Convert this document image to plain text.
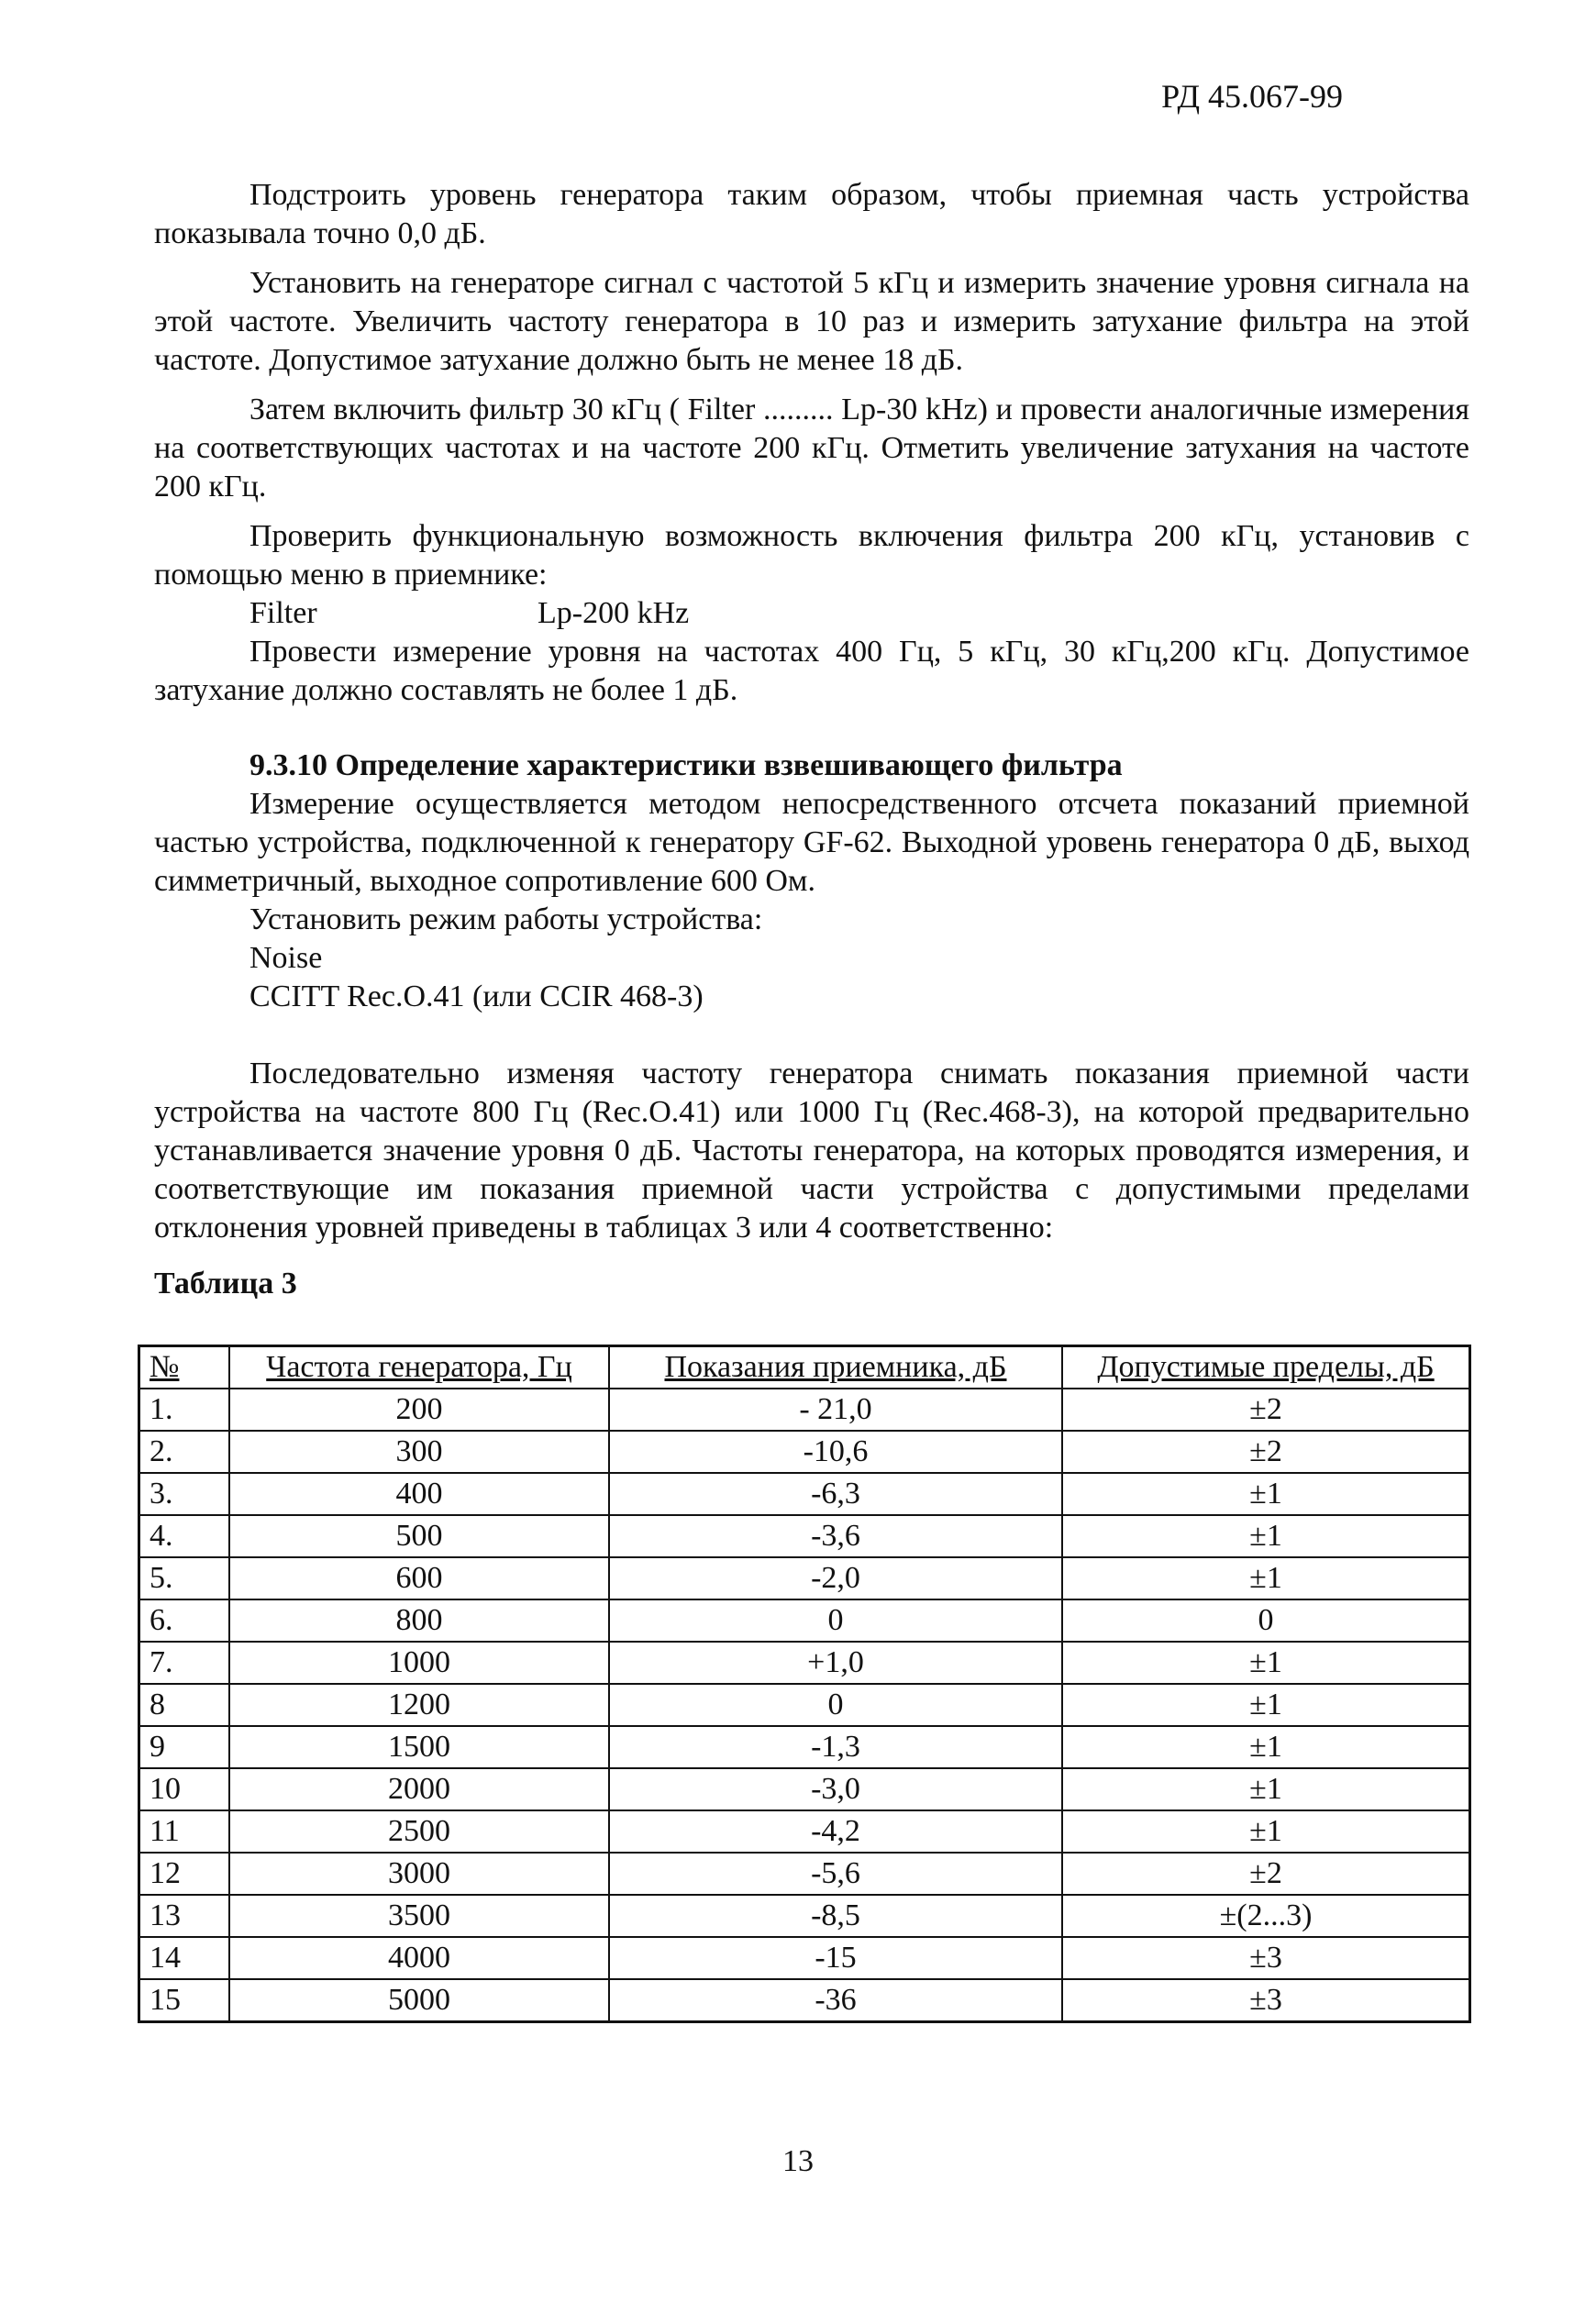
РД 45.067-99

Подстроить уровень генератора таким образом, чтобы приемная часть устройства показывала точно 0,0 дБ.

Установить на генераторе сигнал с частотой 5 кГц и измерить значение уровня сигнала на этой частоте. Увеличить частоту генератора в 10 раз и измерить затухание фильтра на этой частоте. Допустимое затухание должно быть не менее 18 дБ.

Затем включить фильтр 30 кГц ( Filter ......... Lp-30 kHz) и провести аналогичные измерения на соответствующих частотах и на частоте 200 кГц. Отметить увеличение затухания на частоте 200 кГц.

Проверить функциональную возможность включения фильтра 200 кГц, установив с помощью меню в приемнике:

Filter	Lp-200 kHz

Провести измерение уровня на частотах 400 Гц, 5 кГц, 30 кГц,200 кГц. Допустимое затухание должно составлять не более 1 дБ.

9.3.10 Определение характеристики взвешивающего фильтра

Измерение осуществляется методом непосредственного отсчета показаний приемной частью устройства, подключенной к генератору GF-62. Выходной уровень генератора 0 дБ, выход симметричный, выходное сопротивление 600 Ом.

Установить режим работы устройства:

Noise
CCITT Rec.O.41 (или CCIR 468-3)

Последовательно изменяя частоту генератора снимать показания приемной части устройства на частоте 800 Гц (Rec.O.41) или 1000 Гц (Rec.468-3), на которой предварительно устанавливается значение уровня 0 дБ. Частоты генератора, на которых проводятся измерения, и соответствующие им показания приемной части устройства с допустимыми пределами отклонения уровней приведены в таблицах 3 или 4 соответственно:

Таблица 3
№	Частота генератора, Гц	Показания приемника, дБ	Допустимые пределы, дБ
1.	200	- 21,0	±2
2.	300	-10,6	±2
3.	400	-6,3	±1
4.	500	-3,6	±1
5.	600	-2,0	±1
6.	800	0	0
7.	1000	+1,0	±1
8	1200	0	±1
9	1500	-1,3	±1
10	2000	-3,0	±1
11	2500	-4,2	±1
12	3000	-5,6	±2
13	3500	-8,5	±(2...3)
14	4000	-15	±3
15	5000	-36	±3
13
